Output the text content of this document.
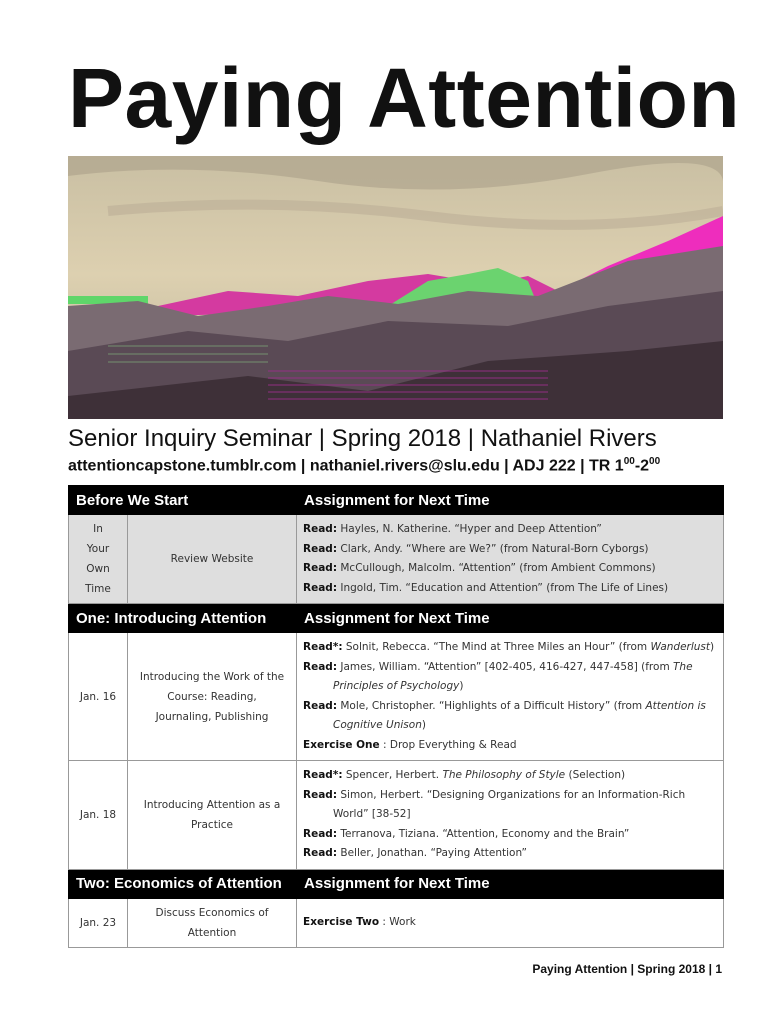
Paying Attention
Senior Inquiry Seminar | Spring 2018 | Nathaniel Rivers
attentioncapstone.tumblr.com | nathaniel.rivers@slu.edu | ADJ 222 | TR $1^{00}-2^{00}$
Before We Start		Assignment for Next Time
In Your Own Time	Review Website	Read: Hayles, N. Katherine. “Hyper and Deep Attention”
Read: Clark, Andy. “Where are We?” (from Natural-Born Cyborgs)
Read: McCullough, Malcolm. “Attention” (from Ambient Commons)
Read: Ingold, Tim. “Education and Attention” (from The Life of Lines)

One: Introducing Attention		Assignment for Next Time
Jan. 16	Introducing the Work of the Course: Reading, Journaling, Publishing	Read*: Solnit, Rebecca. “The Mind at Three Miles an Hour” (from Wanderlust)
Read: James, William. “Attention” [402-405, 416-427, 447-458] (from The Principles of Psychology)
Read: Mole, Christopher. “Highlights of a Difficult History” (from Attention is Cognitive Unison)
Exercise One : Drop Everything & Read

Jan. 18	Introducing Attention as a Practice	Read*: Spencer, Herbert. The Philosophy of Style (Selection)
Read: Simon, Herbert. “Designing Organizations for an Information-Rich World” [38-52]
Read: Terranova, Tiziana. “Attention, Economy and the Brain”
Read: Beller, Jonathan. “Paying Attention”

Two: Economics of Attention		Assignment for Next Time
Jan. 23	Discuss Economics of Attention	Exercise Two : Work
Paying Attention | Spring 2018 | 1
